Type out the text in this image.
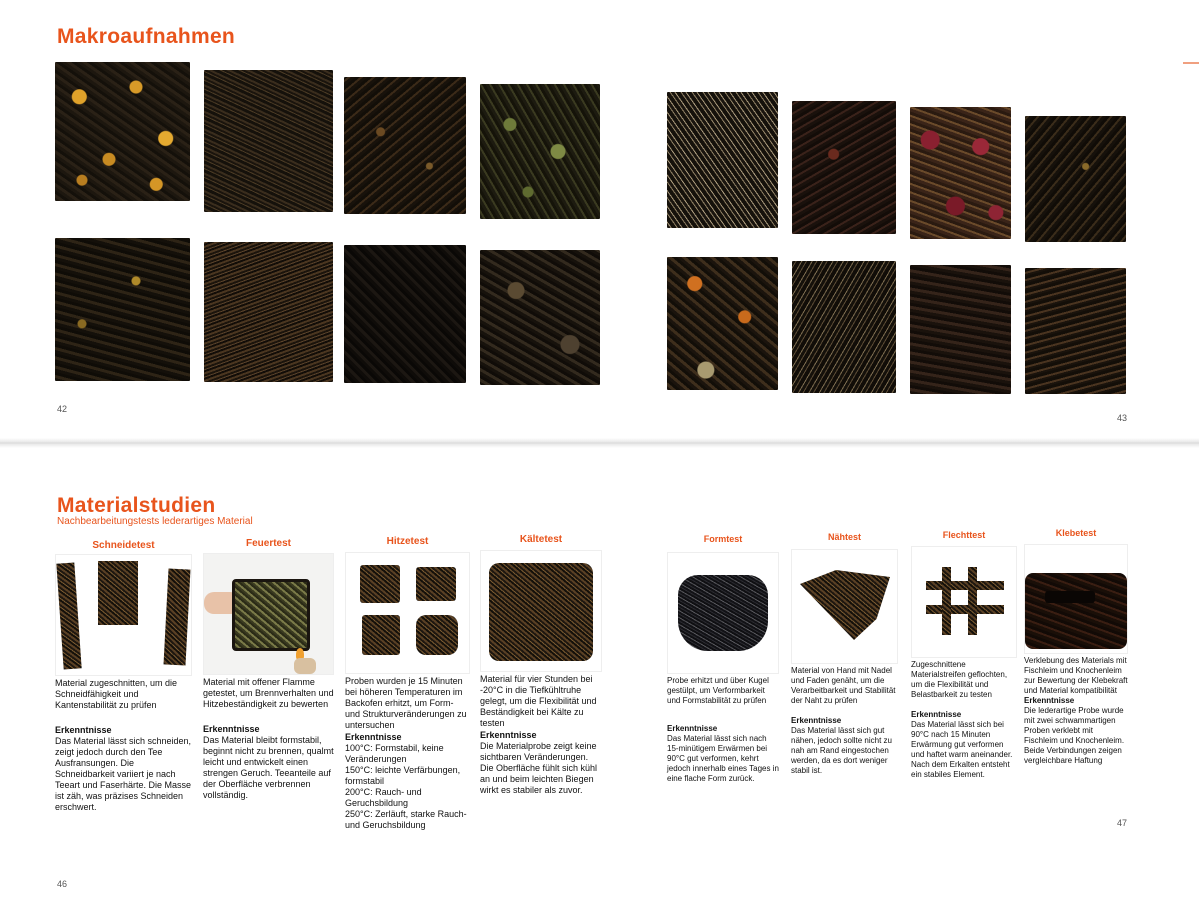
Makroaufnahmen
42
43
Materialstudien
Nachbearbeitungstests lederartiges Material
Schneidetest
Material zugeschnitten, um die Schneidfähigkeit und Kantenstabilität zu prüfen
Erkenntnisse
Das Material lässt sich schneiden, zeigt jedoch durch den Tee Ausfransungen. Die Schneidbarkeit variiert je nach Teeart und Faserhärte. Die Masse ist zäh, was präzises Schneiden erschwert.
Feuertest
Material mit offener Flamme getestet, um Brennverhalten und Hitzebeständigkeit zu bewerten
Erkenntnisse
Das Material bleibt formstabil, beginnt nicht zu brennen, qualmt leicht und entwickelt einen strengen Geruch. Teeanteile auf der Oberfläche verbrennen vollständig.
Hitzetest
Proben wurden je 15 Minuten bei höheren Temperaturen im Backofen erhitzt, um Form- und Strukturveränderungen zu untersuchen
Erkenntnisse
100°C: Formstabil, keine Veränderungen
150°C: leichte Verfärbungen, formstabil
200°C: Rauch- und Geruchsbildung
250°C: Zerläuft, starke Rauch- und Geruchsbildung
Kältetest
Material für vier Stunden bei -20°C in die Tiefkühltruhe gelegt, um die Flexibilität und Beständigkeit bei Kälte zu testen
Erkenntnisse
Die Materialprobe zeigt keine sichtbaren Veränderungen. Die Oberfläche fühlt sich kühl an und beim leichten Biegen wirkt es stabiler als zuvor.
Formtest
Probe erhitzt und über Kugel gestülpt, um Verformbarkeit und Formstabilität zu prüfen
Erkenntnisse
Das Material lässt sich nach 15-minütigem Erwärmen bei 90°C gut verformen, kehrt jedoch innerhalb eines Tages in eine flache Form zurück.
Nähtest
Material von Hand mit Nadel und Faden genäht, um die Verarbeitbarkeit und Stabilität der Naht zu prüfen
Erkenntnisse
Das Material lässt sich gut nähen, jedoch sollte nicht zu nah am Rand eingestochen werden, da es dort weniger stabil ist.
Flechttest
Zugeschnittene Materialstreifen geflochten, um die Flexibilität und Belastbarkeit zu testen
Erkenntnisse
Das Material lässt sich bei 90°C nach 15 Minuten Erwärmung gut verformen und haftet warm aneinander. Nach dem Erkalten entsteht ein stabiles Element.
Klebetest
Verklebung des Materials mit Fischleim und Knochenleim zur Bewertung der Klebekraft und Material kompatibilität
Erkenntnisse
Die lederartige Probe wurde mit zwei schwammartigen Proben verklebt mit Fischleim und Knochenleim. Beide Verbindungen zeigen vergleichbare Haftung
46
47
